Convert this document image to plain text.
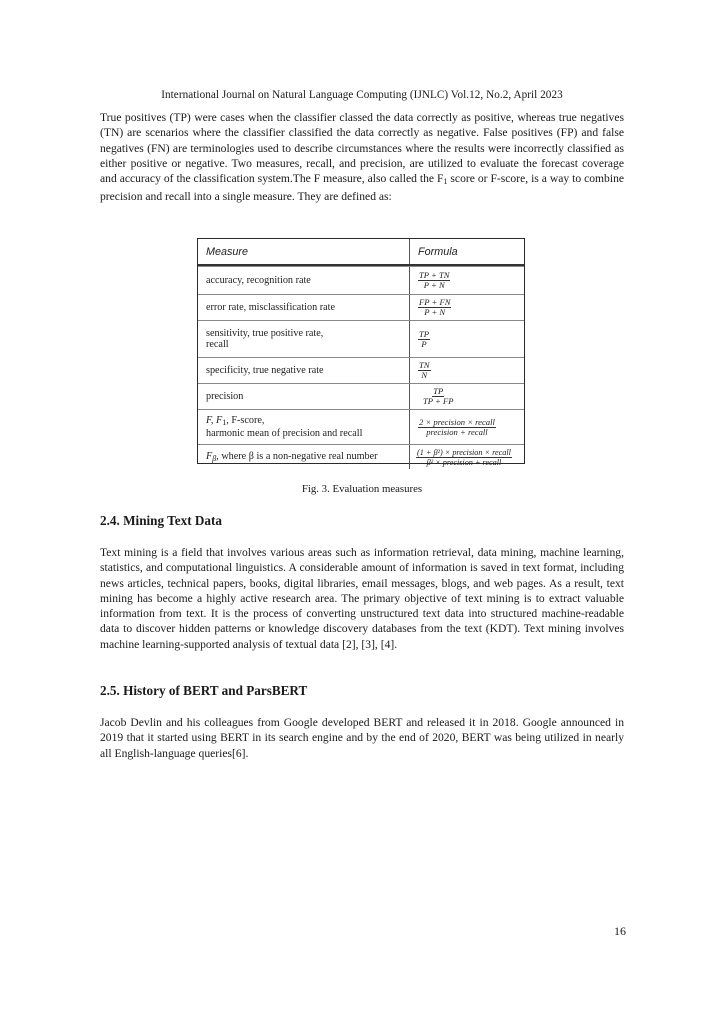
International Journal on Natural Language Computing (IJNLC) Vol.12, No.2, April 2023

True positives (TP) were cases when the classifier classed the data correctly as positive, whereas true negatives (TN) are scenarios where the classifier classified the data correctly as negative. False positives (FP) and false negatives (FN) are terminologies used to describe circumstances where the results were incorrectly classified as either positive or negative. Two measures, recall, and precision, are utilized to evaluate the forecast coverage and accuracy of the classification system.The F measure, also called the $F_1$ score or F-score, is a way to combine precision and recall into a single measure. They are defined as:

Measure	Formula
accuracy, recognition rate	$\frac{TP + TN}{P + N}$
error rate, misclassification rate	$\frac{FP + FN}{P + N}$
sensitivity, true positive rate,
recall	$\frac{TP}{P}$
specificity, true negative rate	$\frac{TN}{N}$
precision	$\frac{TP}{TP + FP}$
F, $F_1$, F-score,
harmonic mean of precision and recall	$\frac{\text{2 × precision × recall}}{\text{precision + recall}}$
$F_\beta$, where β is a non-negative real number	$\frac{\text{(1 + β²) × precision × recall}}{\text{β² × precision + recall}}$
Fig. 3. Evaluation measures
2.4. Mining Text Data

Text mining is a field that involves various areas such as information retrieval, data mining, machine learning, statistics, and computational linguistics. A considerable amount of information is saved in text format, including news articles, technical papers, books, digital libraries, email messages, blogs, and web pages. As a result, text mining has become a highly active research area. The primary objective of text mining is to extract valuable information from text. It is the process of converting unstructured text data into structured machine-readable data to discover hidden patterns or knowledge discovery databases from the text (KDT). Text mining involves machine learning-supported analysis of textual data [2], [3], [4].

2.5. History of BERT and ParsBERT

Jacob Devlin and his colleagues from Google developed BERT and released it in 2018. Google announced in 2019 that it started using BERT in its search engine and by the end of 2020, BERT was being utilized in nearly all English-language queries[6].

16
